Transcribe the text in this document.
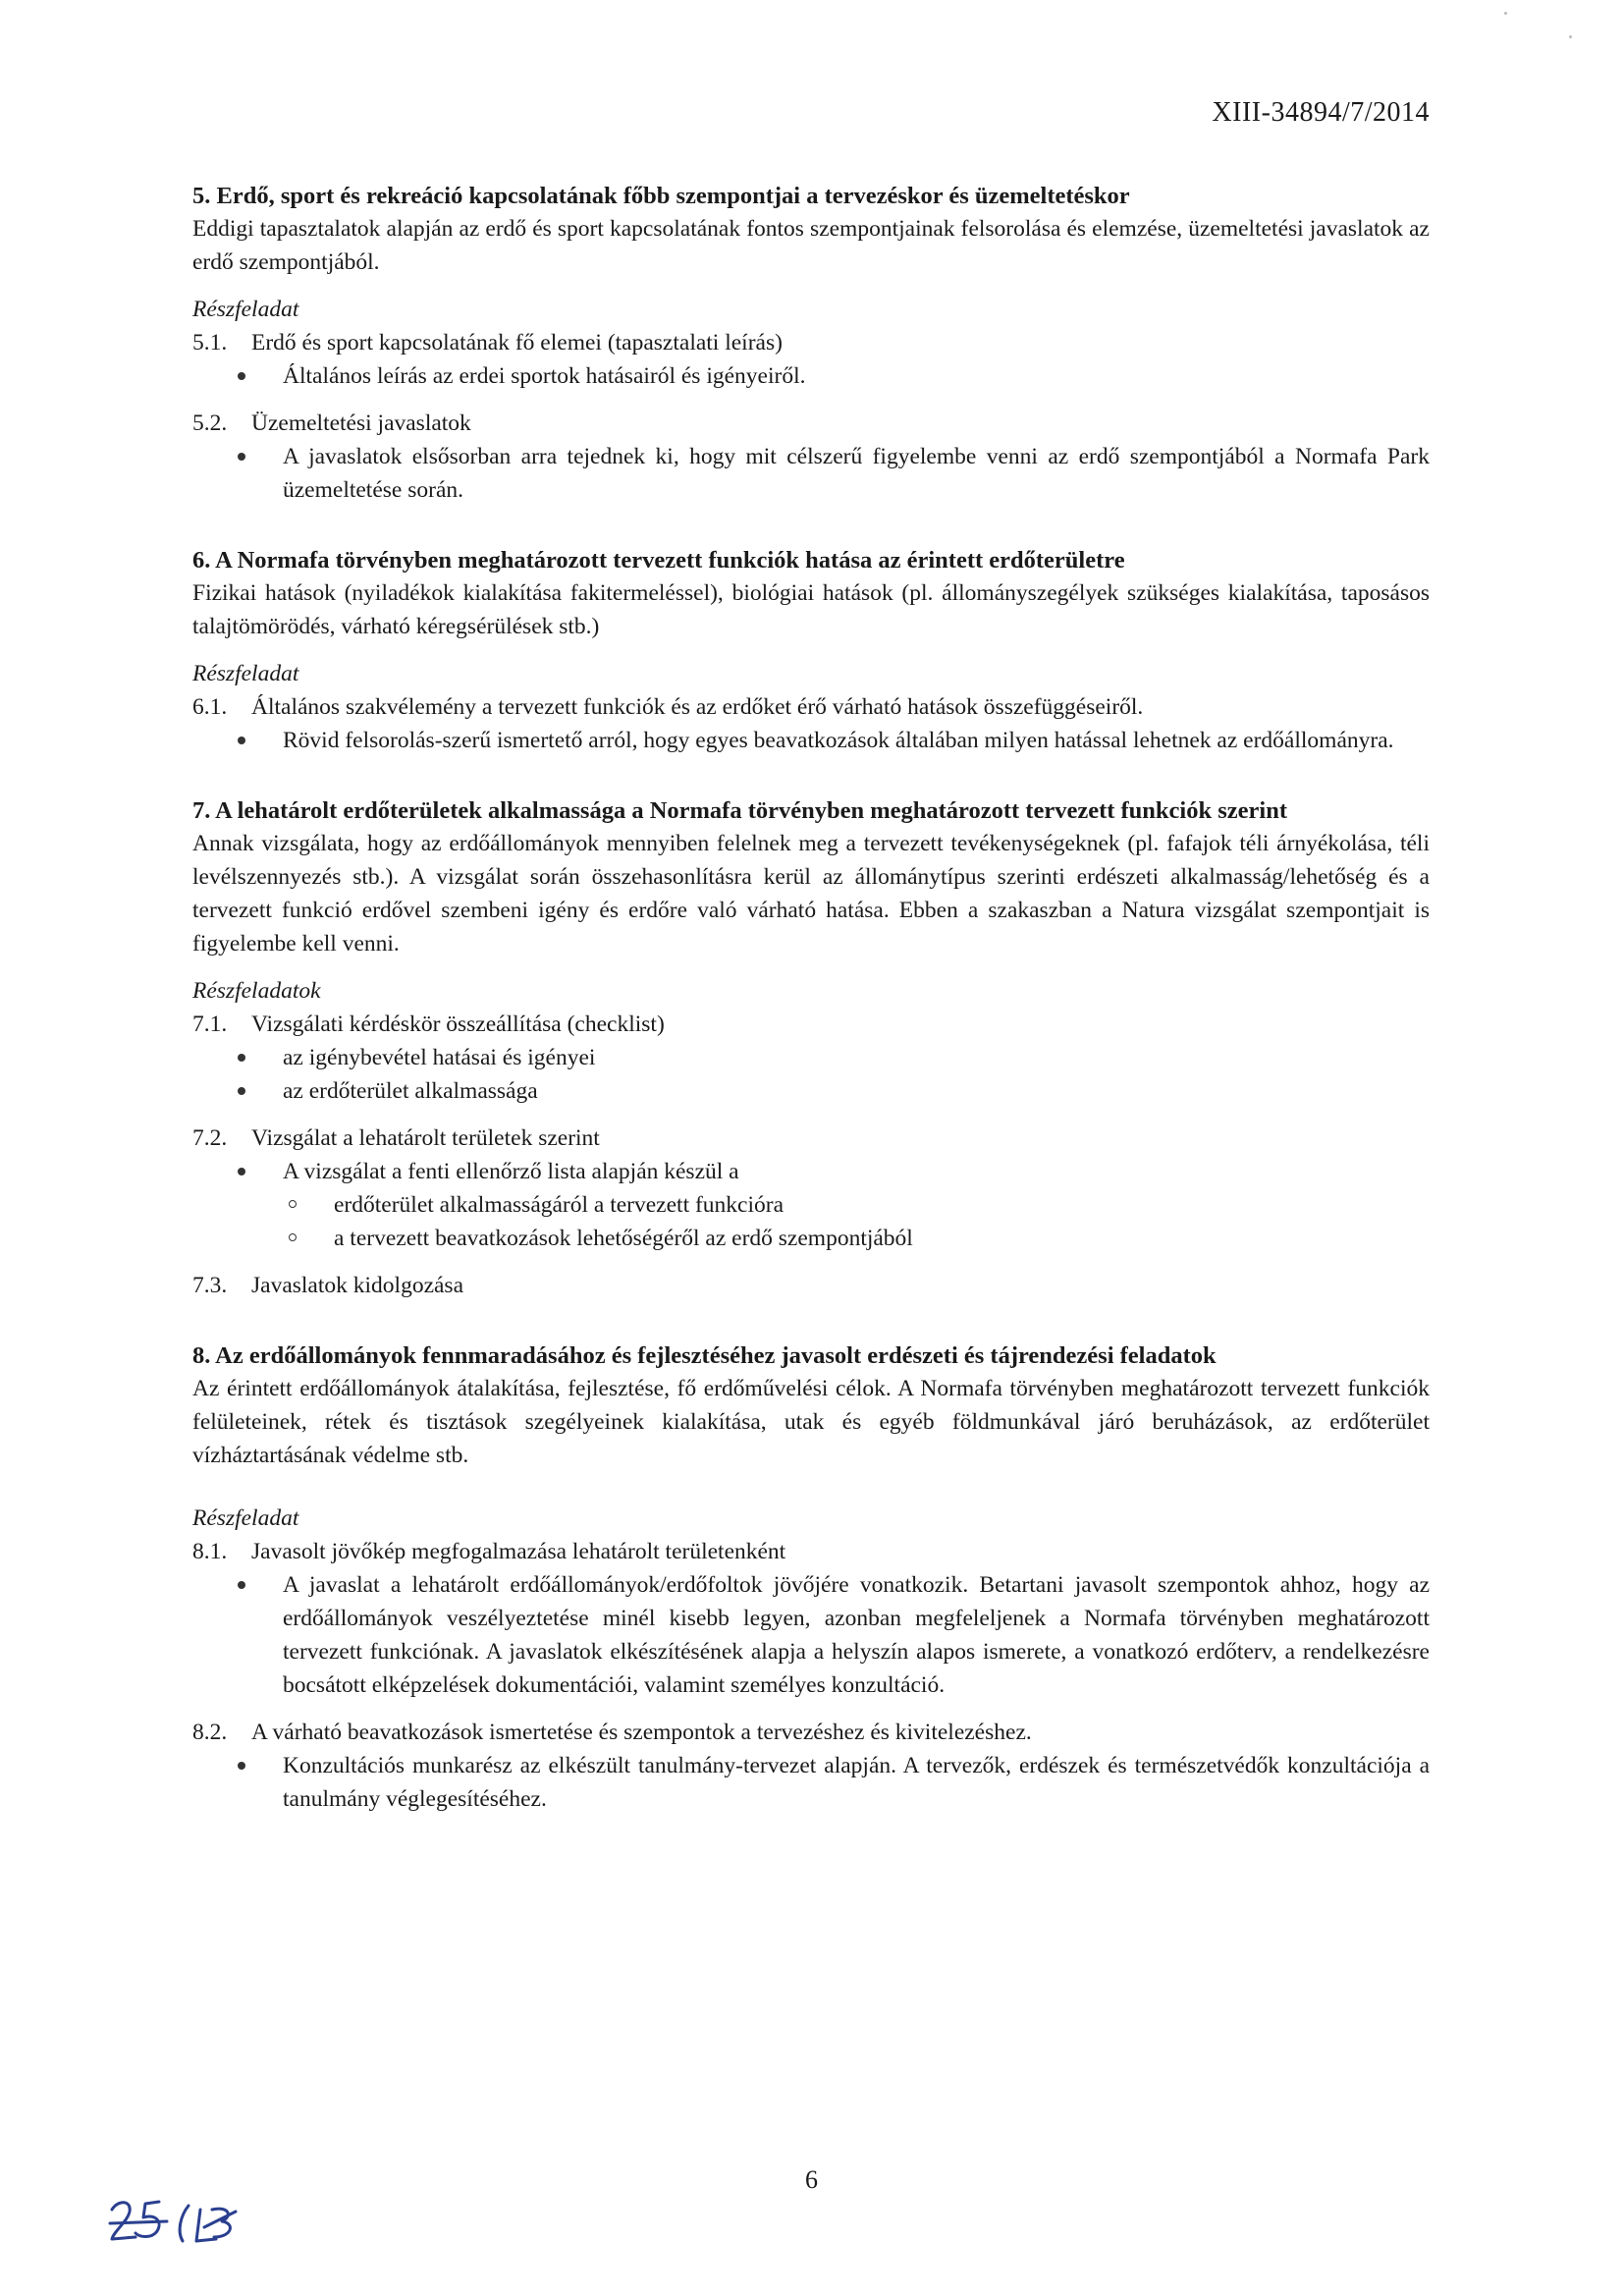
XIII-34894/7/2014
5. Erdő, sport és rekreáció kapcsolatának főbb szempontjai a tervezéskor és üzemeltetéskor
Eddigi tapasztalatok alapján az erdő és sport kapcsolatának fontos szempontjainak felsorolása és elemzése, üzemeltetési javaslatok az erdő szempontjából.
Részfeladat
5.1.	Erdő és sport kapcsolatának fő elemei (tapasztalati leírás)
Általános leírás az erdei sportok hatásairól és igényeiről.
5.2.	Üzemeltetési javaslatok
A javaslatok elsősorban arra tejednek ki, hogy mit célszerű figyelembe venni az erdő szempontjából a Normafa Park üzemeltetése során.
6. A Normafa törvényben meghatározott tervezett funkciók hatása az érintett erdőterületre
Fizikai hatások (nyiladékok kialakítása fakitermeléssel), biológiai hatások (pl. állományszegélyek szükséges kialakítása, taposásos talajtömörödés, várható kéregsérülések stb.)
Részfeladat
6.1.	Általános szakvélemény a tervezett funkciók és az erdőket érő várható hatások összefüggéseiről.
Rövid felsorolás-szerű ismertető arról, hogy egyes beavatkozások általában milyen hatással lehetnek az erdőállományra.
7. A lehatárolt erdőterületek alkalmassága a Normafa törvényben meghatározott tervezett funkciók szerint
Annak vizsgálata, hogy az erdőállományok mennyiben felelnek meg a tervezett tevékenységeknek (pl. fafajok téli árnyékolása, téli levélszennyezés stb.). A vizsgálat során összehasonlításra kerül az állománytípus szerinti erdészeti alkalmasság/lehetőség és a tervezett funkció erdővel szembeni igény és erdőre való várható hatása. Ebben a szakaszban a Natura vizsgálat szempontjait is figyelembe kell venni.
Részfeladatok
7.1.	Vizsgálati kérdéskör összeállítása (checklist)
az igénybevétel hatásai és igényei
az erdőterület alkalmassága
7.2.	Vizsgálat a lehatárolt területek szerint
A vizsgálat a fenti ellenőrző lista alapján készül a
erdőterület alkalmasságáról a tervezett funkcióra
a tervezett beavatkozások lehetőségéről az erdő szempontjából
7.3.	Javaslatok kidolgozása
8. Az erdőállományok fennmaradásához és fejlesztéséhez javasolt erdészeti és tájrendezési feladatok
Az érintett erdőállományok átalakítása, fejlesztése, fő erdőművelési célok. A Normafa törvényben meghatározott tervezett funkciók felületeinek, rétek és tisztások szegélyeinek kialakítása, utak és egyéb földmunkával járó beruházások, az erdőterület vízháztartásának védelme stb.
Részfeladat
8.1.	Javasolt jövőkép megfogalmazása lehatárolt területenként
A javaslat a lehatárolt erdőállományok/erdőfoltok jövőjére vonatkozik. Betartani javasolt szempontok ahhoz, hogy az erdőállományok veszélyeztetése minél kisebb legyen, azonban megfeleljenek a Normafa törvényben meghatározott tervezett funkciónak. A javaslatok elkészítésének alapja a helyszín alapos ismerete, a vonatkozó erdőterv, a rendelkezésre bocsátott elképzelések dokumentációi, valamint személyes konzultáció.
8.2.	A várható beavatkozások ismertetése és szempontok a tervezéshez és kivitelezéshez.
Konzultációs munkarész az elkészült tanulmány-tervezet alapján. A tervezők, erdészek és természetvédők konzultációja a tanulmány véglegesítéséhez.
6
